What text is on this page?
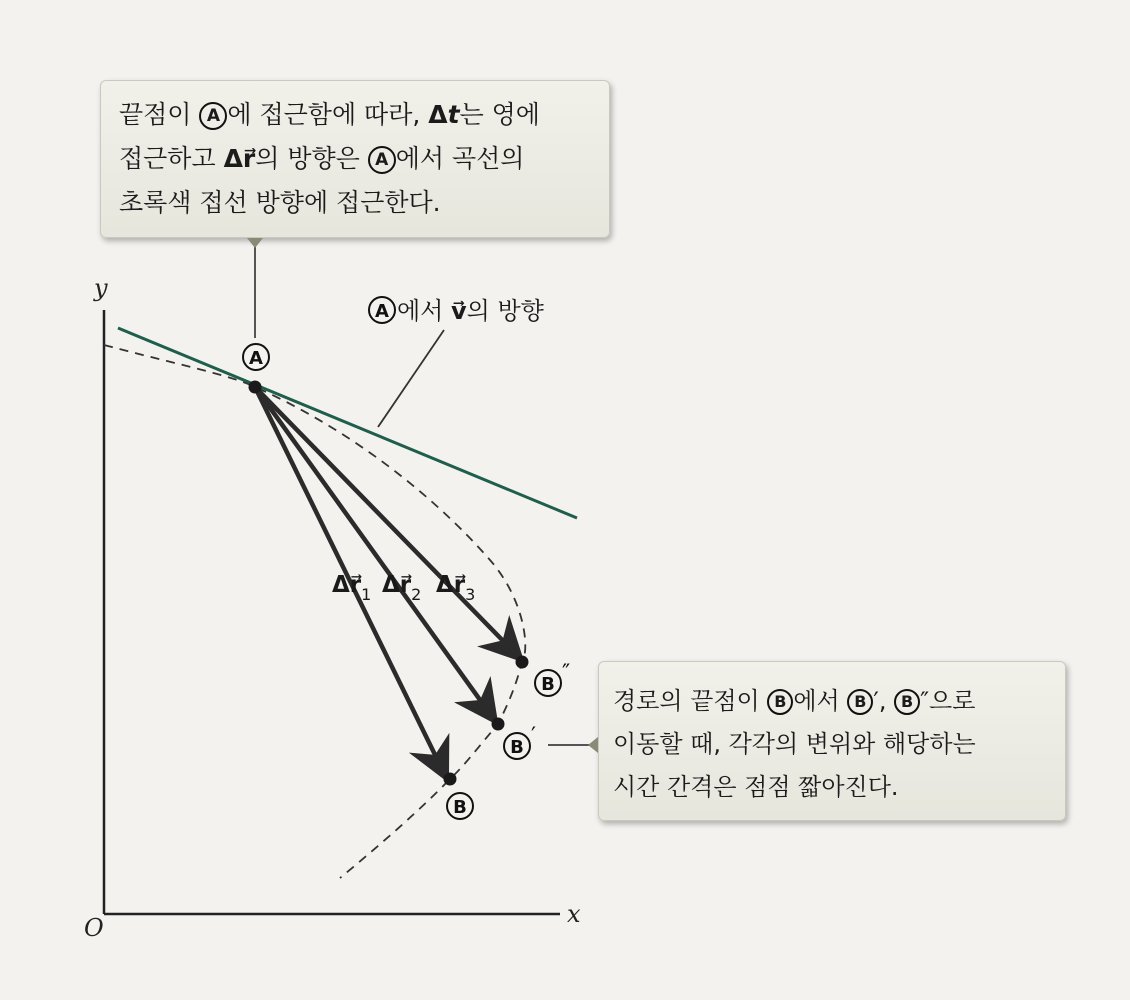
끝점이 A 에 접근함에 따라, Δt는 영에
접근하고 Δr⃗의 방향은 A 에서 곡선의
초록색 접선 방향에 접근한다.
경로의 끝점이 B 에서 B ′, B ″으로
이동할 때, 각각의 변위와 해당하는
시간 간격은 점점 짧아진다.
y
x
O
A
B
B ′
B ″
A 에서 v⃗의 방향
$\Delta r⃗_1$ $\Delta r⃗_2$ $\Delta r⃗_3$
